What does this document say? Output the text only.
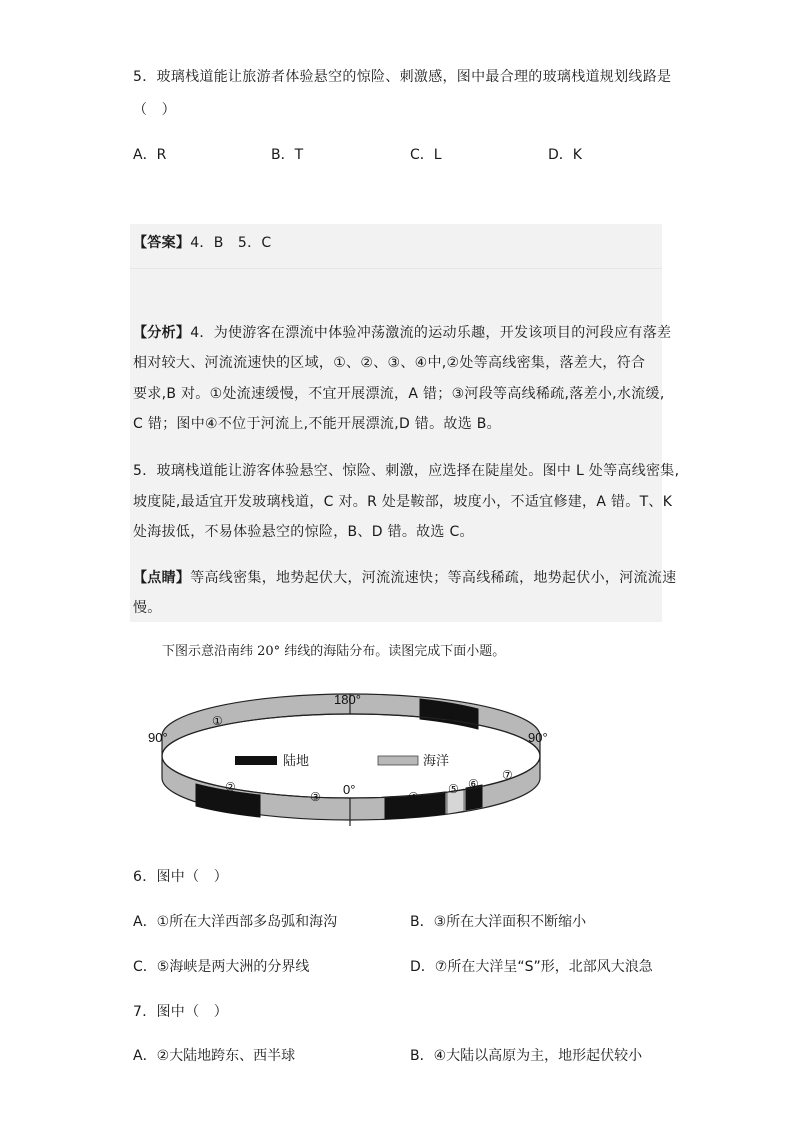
5．玻璃栈道能让旅游者体验悬空的惊险、刺激感，图中最合理的玻璃栈道规划线路是
（　）
A．R	B．T	C．L	D．K
【答案】4．B　5．C
【分析】4．为使游客在漂流中体验冲荡激流的运动乐趣，开发该项目的河段应有落差
相对较大、河流流速快的区域，①、②、③、④中,②处等高线密集，落差大，符合
要求,B 对。①处流速缓慢，不宜开展漂流，A 错；③河段等高线稀疏,落差小,水流缓,
C 错；图中④不位于河流上,不能开展漂流,D 错。故选 B。
5．玻璃栈道能让游客体验悬空、惊险、刺激，应选择在陡崖处。图中 L 处等高线密集,
坡度陡,最适宜开发玻璃栈道，C 对。R 处是鞍部，坡度小，不适宜修建，A 错。T、K
处海拔低，不易体验悬空的惊险，B、D 错。故选 C。
【点睛】等高线密集，地势起伏大，河流流速快；等高线稀疏，地势起伏小，河流流速
慢。
下图示意沿南纬 20° 纬线的海陆分布。读图完成下面小题。
陆地	海洋
180°
90°	90°
0°
①
②
③	④
⑤ ⑥
⑦
⑧
6．图中（　）
A．①所在大洋西部多岛弧和海沟	B．③所在大洋面积不断缩小
C．⑤海峡是两大洲的分界线	D．⑦所在大洋呈“S”形，北部风大浪急
7．图中（　）
A．②大陆地跨东、西半球	B．④大陆以高原为主，地形起伏较小
